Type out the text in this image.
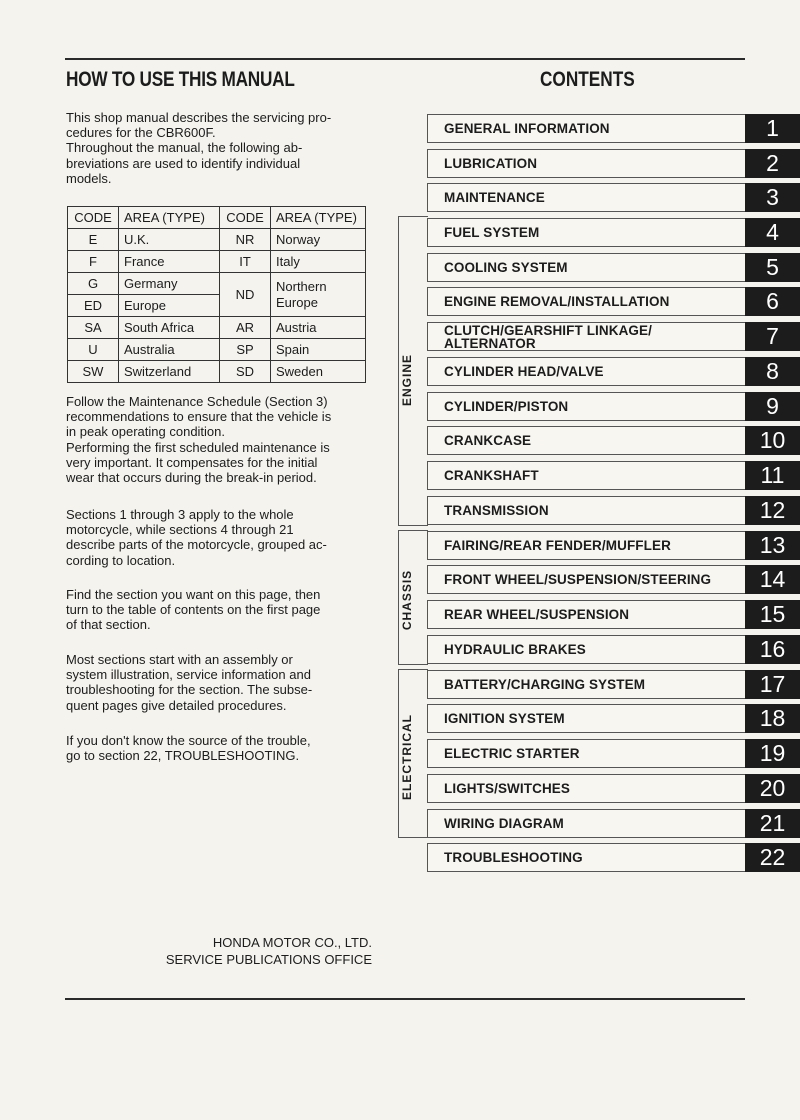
HOW TO USE THIS MANUAL	CONTENTS
This shop manual describes the servicing pro-
cedures for the CBR600F.
Throughout the manual, the following ab-
breviations are used to identify individual
models.
CODE	AREA (TYPE)	CODE	AREA (TYPE)
E	U.K.	NR	Norway
F	France	IT	Italy
G	Germany	ND	Northern
Europe

ED	Europe		
SA	South Africa	AR	Austria
U	Australia	SP	Spain
SW	Switzerland	SD	Sweden
Follow the Maintenance Schedule (Section 3)
recommendations to ensure that the vehicle is
in peak operating condition.
Performing the first scheduled maintenance is
very important. It compensates for the initial
wear that occurs during the break-in period.
Sections 1 through 3 apply to the whole
motorcycle, while sections 4 through 21
describe parts of the motorcycle, grouped ac-
cording to location.
Find the section you want on this page, then
turn to the table of contents on the first page
of that section.
Most sections start with an assembly or
system illustration, service information and
troubleshooting for the section. The subse-
quent pages give detailed procedures.
If you don't know the source of the trouble,
go to section 22, TROUBLESHOOTING.
HONDA MOTOR CO., LTD.
SERVICE PUBLICATIONS OFFICE
ENGINE
CHASSIS
ELECTRICAL
GENERAL INFORMATION	1
LUBRICATION	2
MAINTENANCE	3
FUEL SYSTEM	4
COOLING SYSTEM	5
ENGINE REMOVAL/INSTALLATION	6
CLUTCH/GEARSHIFT LINKAGE/
ALTERNATOR	7
CYLINDER HEAD/VALVE	8
CYLINDER/PISTON	9
CRANKCASE	10
CRANKSHAFT	11
TRANSMISSION	12
FAIRING/REAR FENDER/MUFFLER	13
FRONT WHEEL/SUSPENSION/STEERING	14
REAR WHEEL/SUSPENSION	15
HYDRAULIC BRAKES	16
BATTERY/CHARGING SYSTEM	17
IGNITION SYSTEM	18
ELECTRIC STARTER	19
LIGHTS/SWITCHES	20
WIRING DIAGRAM	21
TROUBLESHOOTING	22
